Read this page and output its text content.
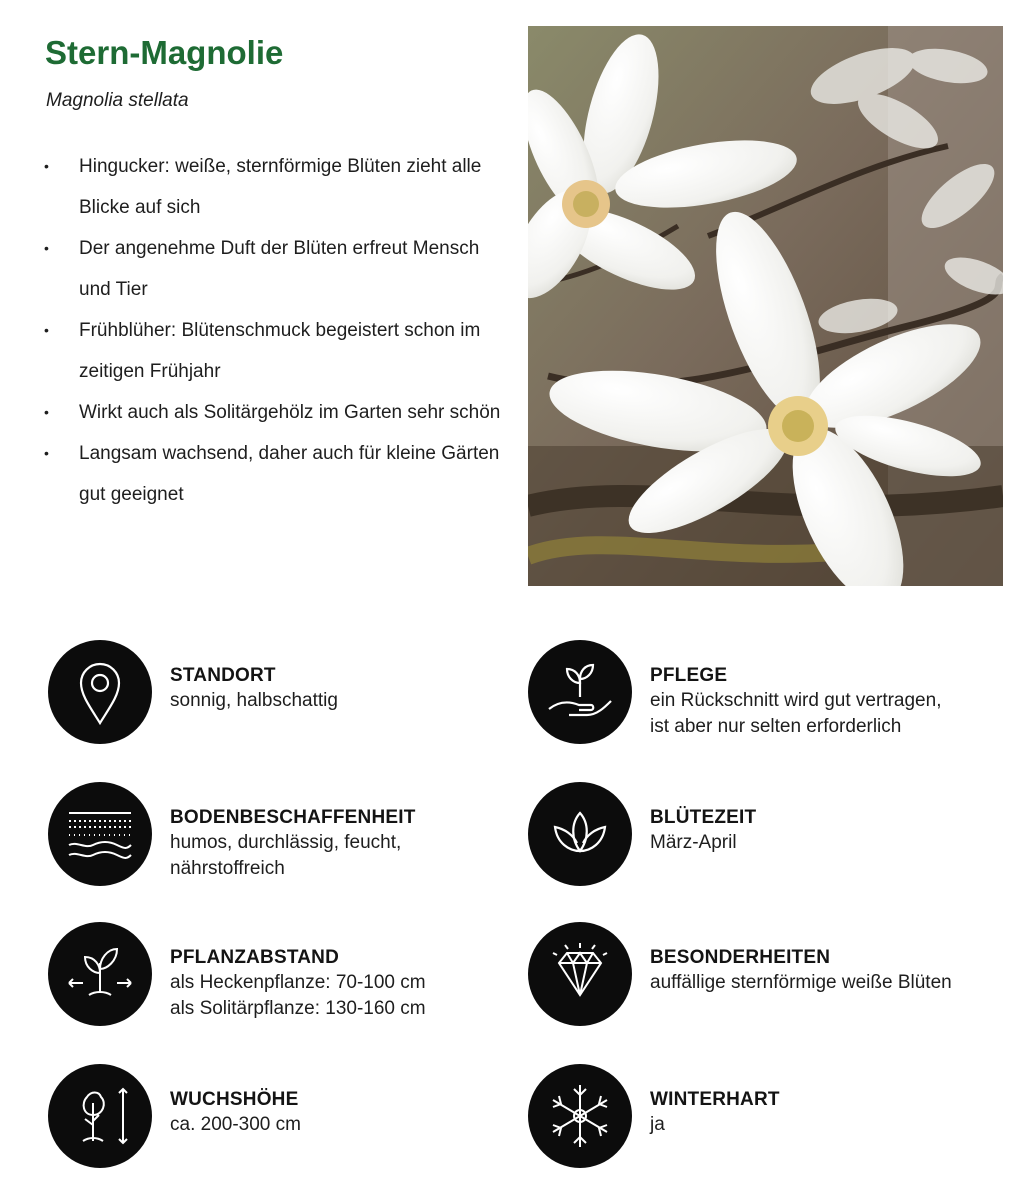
Stern-Magnolie
Magnolia stellata
• Hingucker: weiße, sternförmige Blüten zieht alle Blicke auf sich
• Der angenehme Duft der Blüten erfreut Mensch und Tier
• Frühblüher: Blütenschmuck begeistert schon im zeitigen Frühjahr
• Wirkt auch als Solitärgehölz im Garten sehr schön
• Langsam wachsend, daher auch für kleine Gärten gut geeignet
STANDORT
sonnig, halbschattig
PFLEGE
ein Rückschnitt wird gut vertragen,
ist aber nur selten erforderlich
BODENBESCHAFFENHEIT
humos, durchlässig, feucht,
nährstoffreich
BLÜTEZEIT
März-April
PFLANZABSTAND
als Heckenpflanze: 70-100 cm
als Solitärpflanze: 130-160 cm
BESONDERHEITEN
auffällige sternförmige weiße Blüten
WUCHSHÖHE
ca. 200-300 cm
WINTERHART
ja
